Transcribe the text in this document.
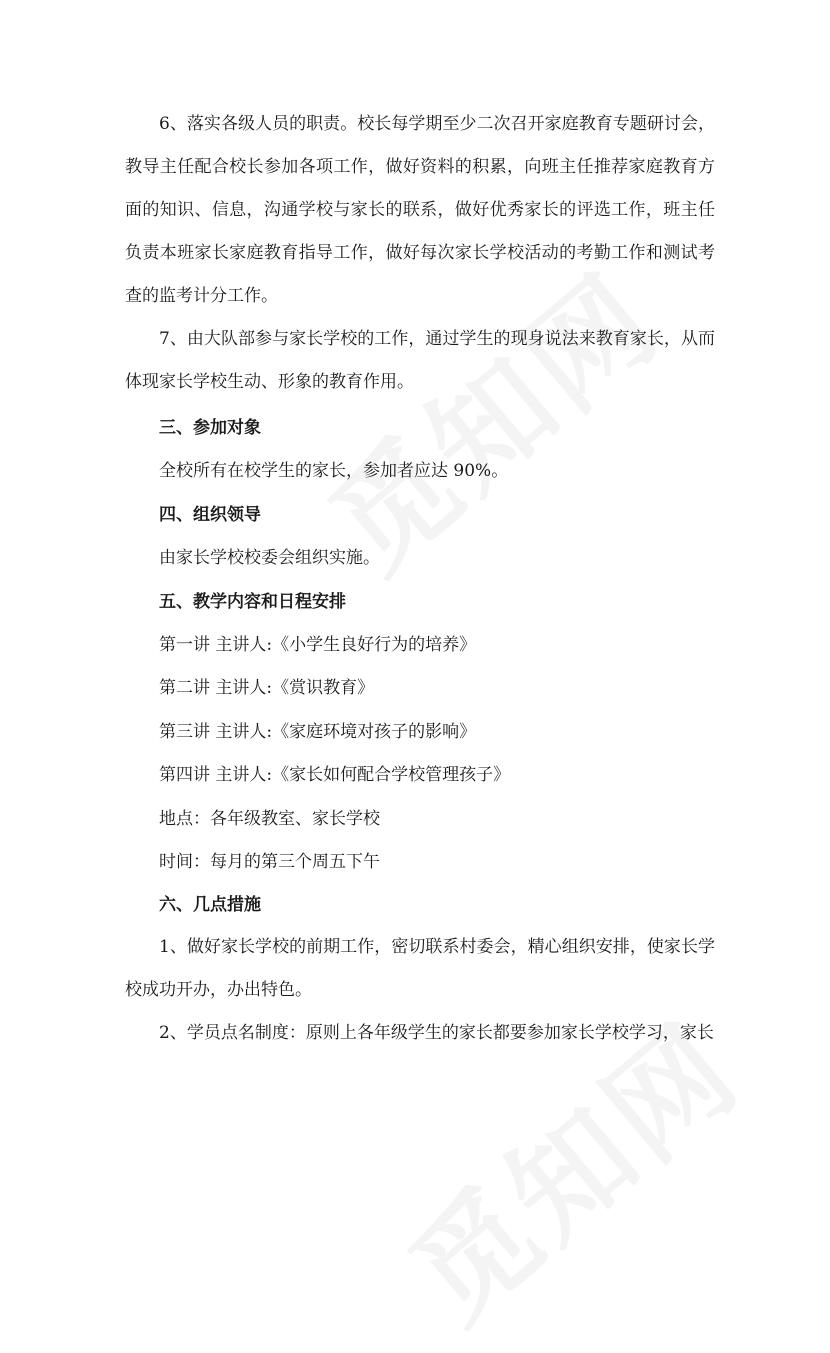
6、落实各级人员的职责。校长每学期至少二次召开家庭教育专题研讨会，教导主任配合校长参加各项工作，做好资料的积累，向班主任推荐家庭教育方面的知识、信息，沟通学校与家长的联系，做好优秀家长的评选工作，班主任负责本班家长家庭教育指导工作，做好每次家长学校活动的考勤工作和测试考查的监考计分工作。

7、由大队部参与家长学校的工作，通过学生的现身说法来教育家长，从而体现家长学校生动、形象的教育作用。

三、参加对象

全校所有在校学生的家长，参加者应达 90%。

四、组织领导

由家长学校校委会组织实施。

五、教学内容和日程安排

第一讲 主讲人:《小学生良好行为的培养》

第二讲 主讲人:《赏识教育》

第三讲 主讲人:《家庭环境对孩子的影响》

第四讲 主讲人:《家长如何配合学校管理孩子》

地点：各年级教室、家长学校

时间：每月的第三个周五下午

六、几点措施

1、做好家长学校的前期工作，密切联系村委会，精心组织安排，使家长学校成功开办，办出特色。

2、学员点名制度：原则上各年级学生的家长都要参加家长学校学习，家长
